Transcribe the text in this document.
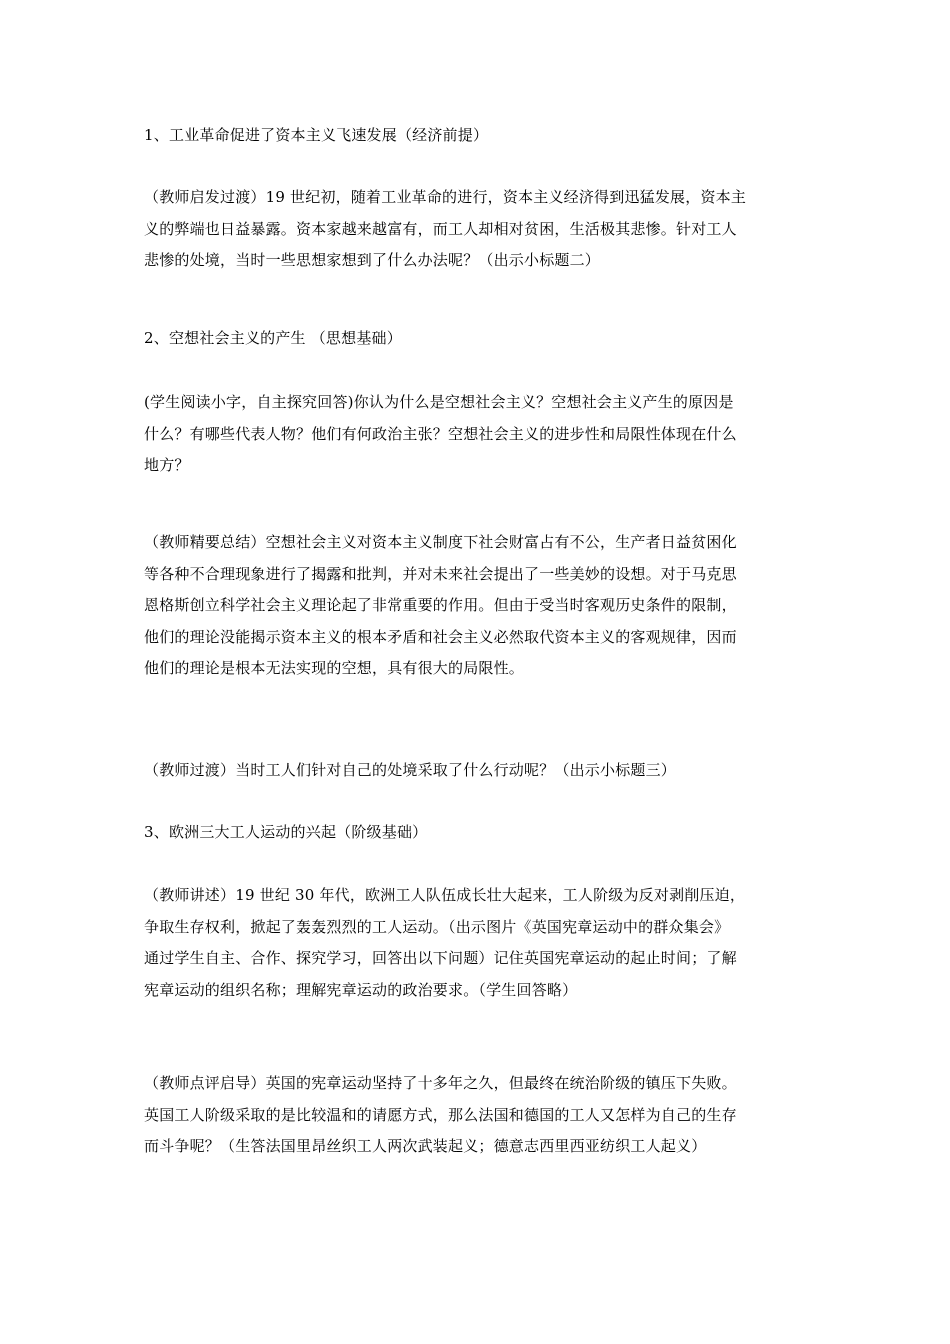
1、工业革命促进了资本主义飞速发展（经济前提）

（教师启发过渡）19 世纪初，随着工业革命的进行，资本主义经济得到迅猛发展，资本主
义的弊端也日益暴露。资本家越来越富有，而工人却相对贫困，生活极其悲惨。针对工人
悲惨的处境，当时一些思想家想到了什么办法呢？（出示小标题二）

2、空想社会主义的产生 （思想基础）

(学生阅读小字，自主探究回答)你认为什么是空想社会主义？空想社会主义产生的原因是
什么？有哪些代表人物？他们有何政治主张？空想社会主义的进步性和局限性体现在什么
地方？

（教师精要总结）空想社会主义对资本主义制度下社会财富占有不公，生产者日益贫困化
等各种不合理现象进行了揭露和批判，并对未来社会提出了一些美妙的设想。对于马克思
恩格斯创立科学社会主义理论起了非常重要的作用。但由于受当时客观历史条件的限制，
他们的理论没能揭示资本主义的根本矛盾和社会主义必然取代资本主义的客观规律，因而
他们的理论是根本无法实现的空想，具有很大的局限性。

（教师过渡）当时工人们针对自己的处境采取了什么行动呢？（出示小标题三）

3、欧洲三大工人运动的兴起（阶级基础）

（教师讲述）19 世纪 30 年代，欧洲工人队伍成长壮大起来，工人阶级为反对剥削压迫，
争取生存权利，掀起了轰轰烈烈的工人运动。（出示图片《英国宪章运动中的群众集会》
通过学生自主、合作、探究学习，回答出以下问题）记住英国宪章运动的起止时间；了解
宪章运动的组织名称；理解宪章运动的政治要求。（学生回答略）

（教师点评启导）英国的宪章运动坚持了十多年之久，但最终在统治阶级的镇压下失败。
英国工人阶级采取的是比较温和的请愿方式，那么法国和德国的工人又怎样为自己的生存
而斗争呢？（生答法国里昂丝织工人两次武装起义；德意志西里西亚纺织工人起义）
